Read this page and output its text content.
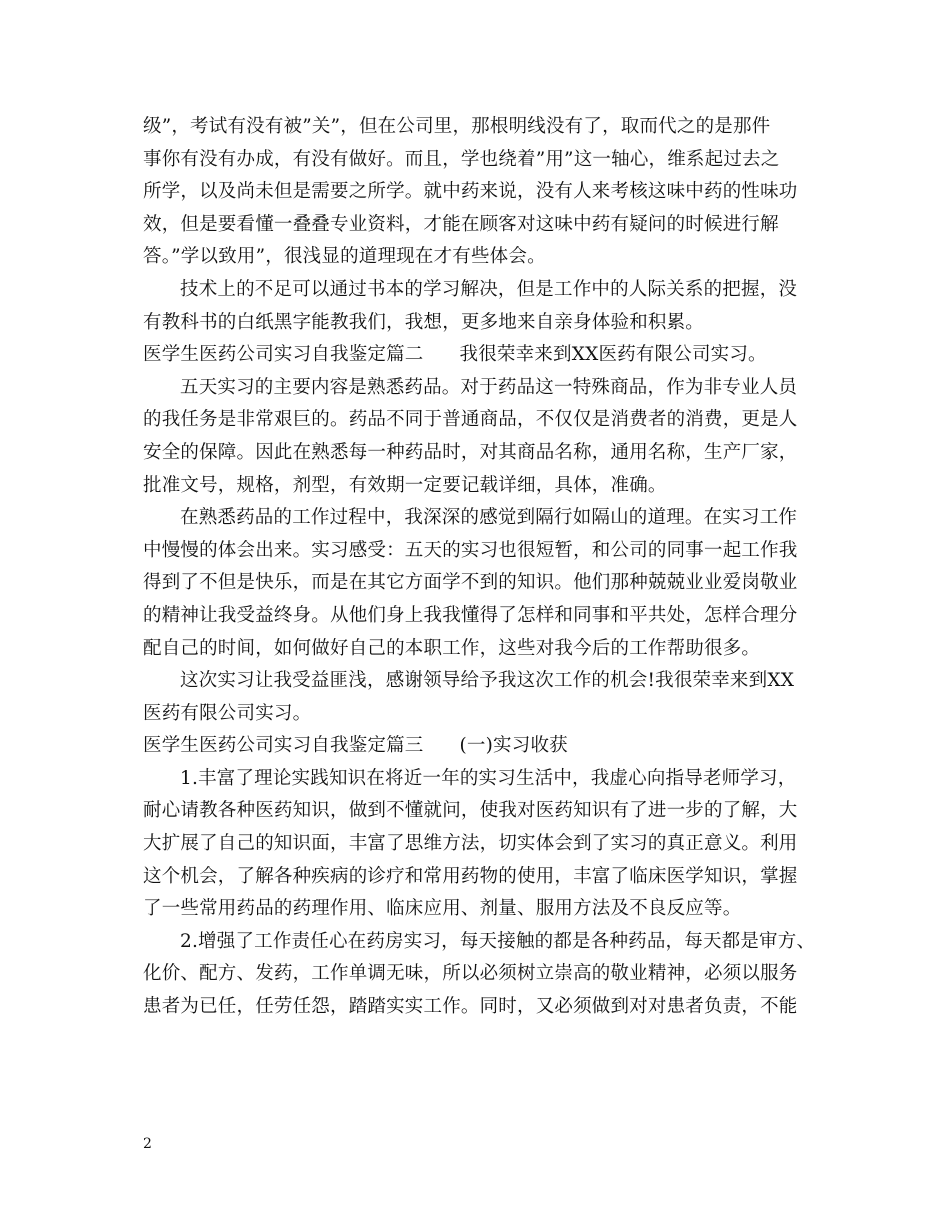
级”，考试有没有被”关”，但在公司里，那根明线没有了，取而代之的是那件
事你有没有办成，有没有做好。而且，学也绕着”用”这一轴心，维系起过去之
所学，以及尚未但是需要之所学。就中药来说，没有人来考核这味中药的性味功
效，但是要看懂一叠叠专业资料，才能在顾客对这味中药有疑问的时候进行解
答。”学以致用”，很浅显的道理现在才有些体会。
技术上的不足可以通过书本的学习解决，但是工作中的人际关系的把握，没
有教科书的白纸黑字能教我们，我想，更多地来自亲身体验和积累。
医学生医药公司实习自我鉴定篇二 我很荣幸来到XX医药有限公司实习。
五天实习的主要内容是熟悉药品。对于药品这一特殊商品，作为非专业人员
的我任务是非常艰巨的。药品不同于普通商品，不仅仅是消费者的消费，更是人
安全的保障。因此在熟悉每一种药品时，对其商品名称，通用名称，生产厂家，
批准文号，规格，剂型，有效期一定要记载详细，具体，准确。
在熟悉药品的工作过程中，我深深的感觉到隔行如隔山的道理。在实习工作
中慢慢的体会出来。实习感受：五天的实习也很短暂，和公司的同事一起工作我
得到了不但是快乐，而是在其它方面学不到的知识。他们那种兢兢业业爱岗敬业
的精神让我受益终身。从他们身上我我懂得了怎样和同事和平共处，怎样合理分
配自己的时间，如何做好自己的本职工作，这些对我今后的工作帮助很多。
这次实习让我受益匪浅，感谢领导给予我这次工作的机会!我很荣幸来到XX
医药有限公司实习。
医学生医药公司实习自我鉴定篇三 (一)实习收获
1.丰富了理论实践知识在将近一年的实习生活中，我虚心向指导老师学习，
耐心请教各种医药知识，做到不懂就问，使我对医药知识有了进一步的了解，大
大扩展了自己的知识面，丰富了思维方法，切实体会到了实习的真正意义。利用
这个机会，了解各种疾病的诊疗和常用药物的使用，丰富了临床医学知识，掌握
了一些常用药品的药理作用、临床应用、剂量、服用方法及不良反应等。
2.增强了工作责任心在药房实习，每天接触的都是各种药品，每天都是审方、
化价、配方、发药，工作单调无味，所以必须树立崇高的敬业精神，必须以服务
患者为已任，任劳任怨，踏踏实实工作。同时，又必须做到对对患者负责，不能
2
